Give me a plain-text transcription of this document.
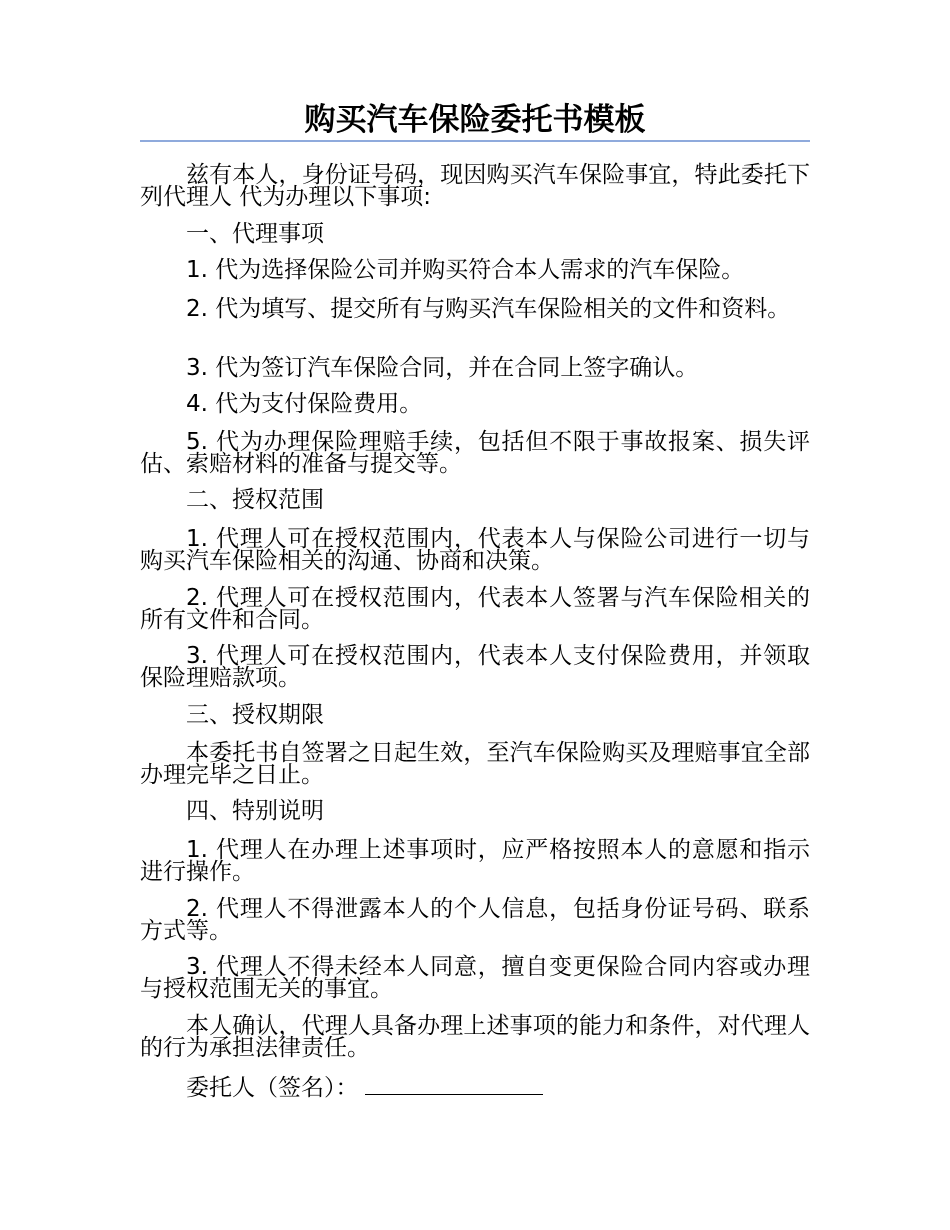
购买汽车保险委托书模板

兹有本人，身份证号码，现因购买汽车保险事宜，特此委托下列代理人 代为办理以下事项:

一、代理事项

1. 代为选择保险公司并购买符合本人需求的汽车保险。

2. 代为填写、提交所有与购买汽车保险相关的文件和资料。

3. 代为签订汽车保险合同，并在合同上签字确认。

4. 代为支付保险费用。

5. 代为办理保险理赔手续，包括但不限于事故报案、损失评估、索赔材料的准备与提交等。

二、授权范围

1. 代理人可在授权范围内，代表本人与保险公司进行一切与购买汽车保险相关的沟通、协商和决策。

2. 代理人可在授权范围内，代表本人签署与汽车保险相关的所有文件和合同。

3. 代理人可在授权范围内，代表本人支付保险费用，并领取保险理赔款项。

三、授权期限

本委托书自签署之日起生效，至汽车保险购买及理赔事宜全部办理完毕之日止。

四、特别说明

1. 代理人在办理上述事项时，应严格按照本人的意愿和指示进行操作。

2. 代理人不得泄露本人的个人信息，包括身份证号码、联系方式等。

3. 代理人不得未经本人同意，擅自变更保险合同内容或办理与授权范围无关的事宜。

本人确认，代理人具备办理上述事项的能力和条件，对代理人的行为承担法律责任。

委托人（签名）：
